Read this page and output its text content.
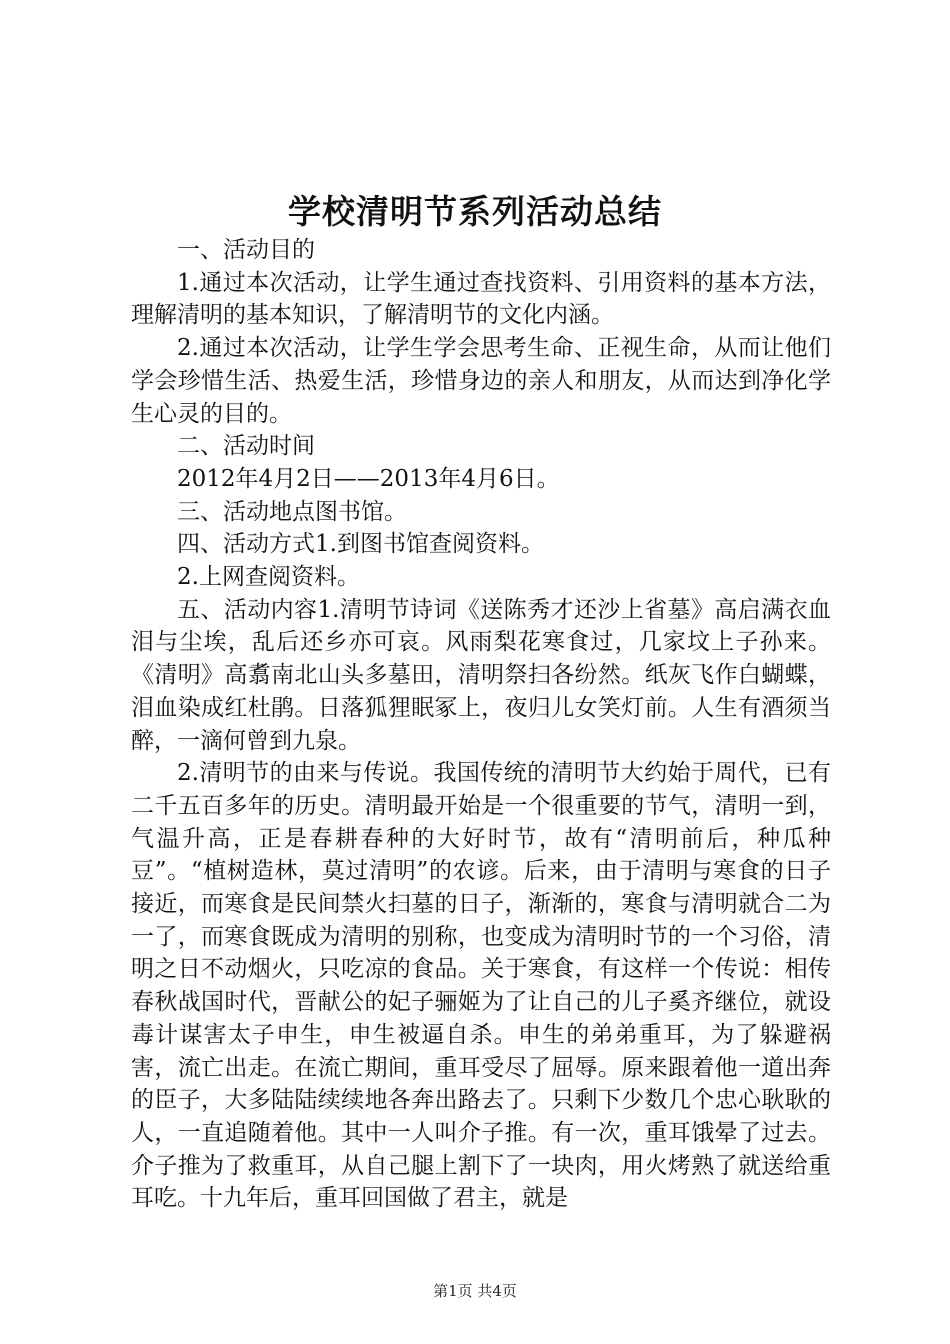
学校清明节系列活动总结

一、活动目的

1.通过本次活动，让学生通过查找资料、引用资料的基本方法，理解清明的基本知识，了解清明节的文化内涵。

2.通过本次活动，让学生学会思考生命、正视生命，从而让他们学会珍惜生活、热爱生活，珍惜身边的亲人和朋友，从而达到净化学生心灵的目的。

二、活动时间

2012年4月2日——2013年4月6日。

三、活动地点图书馆。

四、活动方式1.到图书馆查阅资料。

2.上网查阅资料。

五、活动内容1.清明节诗词《送陈秀才还沙上省墓》高启满衣血泪与尘埃，乱后还乡亦可哀。风雨梨花寒食过，几家坟上子孙来。《清明》高翥南北山头多墓田，清明祭扫各纷然。纸灰飞作白蝴蝶，泪血染成红杜鹃。日落狐狸眠冢上，夜归儿女笑灯前。人生有酒须当醉，一滴何曾到九泉。

2.清明节的由来与传说。我国传统的清明节大约始于周代，已有二千五百多年的历史。清明最开始是一个很重要的节气，清明一到，气温升高，正是春耕春种的大好时节，故有“清明前后，种瓜种豆”。“植树造林，莫过清明”的农谚。后来，由于清明与寒食的日子接近，而寒食是民间禁火扫墓的日子，渐渐的，寒食与清明就合二为一了，而寒食既成为清明的别称，也变成为清明时节的一个习俗，清明之日不动烟火，只吃凉的食品。关于寒食，有这样一个传说：相传春秋战国时代，晋献公的妃子骊姬为了让自己的儿子奚齐继位，就设毒计谋害太子申生，申生被逼自杀。申生的弟弟重耳，为了躲避祸害，流亡出走。在流亡期间，重耳受尽了屈辱。原来跟着他一道出奔的臣子，大多陆陆续续地各奔出路去了。只剩下少数几个忠心耿耿的人，一直追随着他。其中一人叫介子推。有一次，重耳饿晕了过去。介子推为了救重耳，从自己腿上割下了一块肉，用火烤熟了就送给重耳吃。十九年后，重耳回国做了君主，就是

第1页 共4页
